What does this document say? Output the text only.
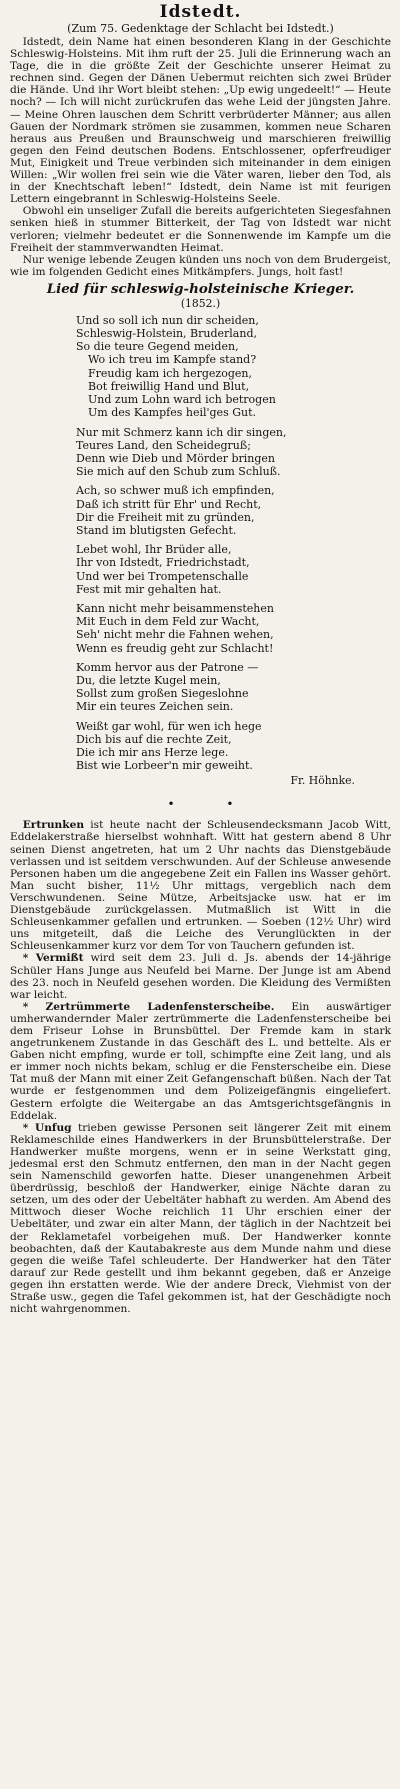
Idstedt.

(Zum 75. Gedenktage der Schlacht bei Idstedt.)

Idstedt, dein Name hat einen besonderen Klang in der Geschichte Schleswig-Holsteins. Mit ihm ruft der 25. Juli die Erinnerung wach an Tage, die in die größte Zeit der Geschichte unserer Heimat zu rechnen sind. Gegen der Dänen Uebermut reichten sich zwei Brüder die Hände. Und ihr Wort bleibt stehen: „Up ewig ungedeelt!“ — Heute noch? — Ich will nicht zurückrufen das wehe Leid der jüngsten Jahre. — Meine Ohren lauschen dem Schritt verbrüderter Männer; aus allen Gauen der Nordmark strömen sie zusammen, kommen neue Scharen heraus aus Preußen und Braunschweig und marschieren freiwillig gegen den Feind deutschen Bodens. Entschlossener, opferfreudiger Mut, Einigkeit und Treue verbinden sich miteinander in dem einigen Willen: „Wir wollen frei sein wie die Väter waren, lieber den Tod, als in der Knechtschaft leben!“ Idstedt, dein Name ist mit feurigen Lettern eingebrannt in Schleswig-Holsteins Seele.

Obwohl ein unseliger Zufall die bereits aufgerichteten Siegesfahnen senken hieß in stummer Bitterkeit, der Tag von Idstedt war nicht verloren; vielmehr bedeutet er die Sonnenwende im Kampfe um die Freiheit der stammverwandten Heimat.

Nur wenige lebende Zeugen künden uns noch von dem Brudergeist, wie im folgenden Gedicht eines Mitkämpfers. Jungs, holt fast!

Lied für schleswig-holsteinische Krieger.

(1852.)

Und so soll ich nun dir scheiden,
Schleswig-Holstein, Bruderland,
So die teure Gegend meiden,
Wo ich treu im Kampfe stand?
Freudig kam ich hergezogen,
Bot freiwillig Hand und Blut,
Und zum Lohn ward ich betrogen
Um des Kampfes heil'ges Gut.
Nur mit Schmerz kann ich dir singen,
Teures Land, den Scheidegruß;
Denn wie Dieb und Mörder bringen
Sie mich auf den Schub zum Schluß.
Ach, so schwer muß ich empfinden,
Daß ich stritt für Ehr' und Recht,
Dir die Freiheit mit zu gründen,
Stand im blutigsten Gefecht.
Lebet wohl, Ihr Brüder alle,
Ihr von Idstedt, Friedrichstadt,
Und wer bei Trompetenschalle
Fest mit mir gehalten hat.
Kann nicht mehr beisammenstehen
Mit Euch in dem Feld zur Wacht,
Seh' nicht mehr die Fahnen wehen,
Wenn es freudig geht zur Schlacht!
Komm hervor aus der Patrone —
Du, die letzte Kugel mein,
Sollst zum großen Siegeslohne
Mir ein teures Zeichen sein.
Weißt gar wohl, für wen ich hege
Dich bis auf die rechte Zeit,
Die ich mir ans Herze lege.
Bist wie Lorbeer'n mir geweiht.

Fr. Höhnke.

• •

Ertrunken ist heute nacht der Schleusendecksmann Jacob Witt, Eddelakerstraße hierselbst wohnhaft. Witt hat gestern abend 8 Uhr seinen Dienst angetreten, hat um 2 Uhr nachts das Dienstgebäude verlassen und ist seitdem verschwunden. Auf der Schleuse anwesende Personen haben um die angegebene Zeit ein Fallen ins Wasser gehört. Man sucht bisher, 11½ Uhr mittags, vergeblich nach dem Verschwundenen. Seine Mütze, Arbeitsjacke usw. hat er im Dienstgebäude zurückgelassen. Mutmaßlich ist Witt in die Schleusenkammer gefallen und ertrunken. — Soeben (12½ Uhr) wird uns mitgeteilt, daß die Leiche des Verunglückten in der Schleusenkammer kurz vor dem Tor von Tauchern gefunden ist.

* Vermißt wird seit dem 23. Juli d. Js. abends der 14-jährige Schüler Hans Junge aus Neufeld bei Marne. Der Junge ist am Abend des 23. noch in Neufeld gesehen worden. Die Kleidung des Vermißten war leicht.

* Zertrümmerte Ladenfensterscheibe. Ein auswärtiger umherwandernder Maler zertrümmerte die Ladenfensterscheibe bei dem Friseur Lohse in Brunsbüttel. Der Fremde kam in stark angetrunkenem Zustande in das Geschäft des L. und bettelte. Als er Gaben nicht empfing, wurde er toll, schimpfte eine Zeit lang, und als er immer noch nichts bekam, schlug er die Fensterscheibe ein. Diese Tat muß der Mann mit einer Zeit Gefangenschaft büßen. Nach der Tat wurde er festgenommen und dem Polizeigefängnis eingeliefert. Gestern erfolgte die Weitergabe an das Amtsgerichtsgefängnis in Eddelak.

* Unfug trieben gewisse Personen seit längerer Zeit mit einem Reklameschilde eines Handwerkers in der Brunsbüttelerstraße. Der Handwerker mußte morgens, wenn er in seine Werkstatt ging, jedesmal erst den Schmutz entfernen, den man in der Nacht gegen sein Namenschild geworfen hatte. Dieser unangenehmen Arbeit überdrüssig, beschloß der Handwerker, einige Nächte daran zu setzen, um des oder der Uebeltäter habhaft zu werden. Am Abend des Mittwoch dieser Woche reichlich 11 Uhr erschien einer der Uebeltäter, und zwar ein alter Mann, der täglich in der Nachtzeit bei der Reklametafel vorbeigehen muß. Der Handwerker konnte beobachten, daß der Kautabakreste aus dem Munde nahm und diese gegen die weiße Tafel schleuderte. Der Handwerker hat den Täter darauf zur Rede gestellt und ihm bekannt gegeben, daß er Anzeige gegen ihn erstatten werde. Wie der andere Dreck, Viehmist von der Straße usw., gegen die Tafel gekommen ist, hat der Geschädigte noch nicht wahrgenommen.
